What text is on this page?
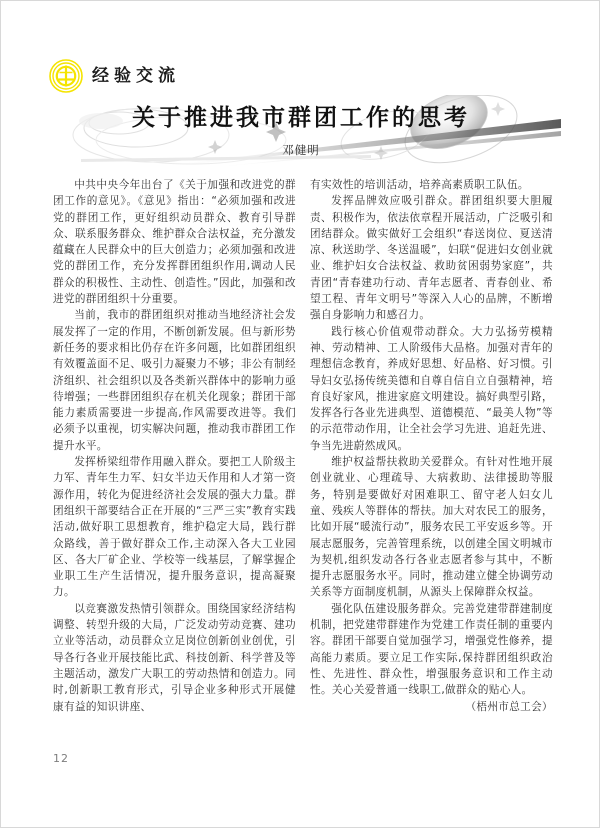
经验交流
关于推进我市群团工作的思考
邓健明

中共中央今年出台了《关于加强和改进党的群团工作的意见》。《意见》指出：“必须加强和改进党的群团工作，更好组织动员群众、教育引导群众、联系服务群众、维护群众合法权益，充分激发蕴藏在人民群众中的巨大创造力；必须加强和改进党的群团工作，充分发挥群团组织作用,调动人民群众的积极性、主动性、创造性。”因此，加强和改进党的群团组织十分重要。

当前，我市的群团组织对推动当地经济社会发展发挥了一定的作用，不断创新发展。但与新形势新任务的要求相比仍存在许多问题，比如群团组织有效覆盖面不足、吸引力凝聚力不够；非公有制经济组织、社会组织以及各类新兴群体中的影响力亟待增强；一些群团组织存在机关化现象；群团干部能力素质需要进一步提高,作风需要改进等。我们必须予以重视，切实解决问题，推动我市群团工作提升水平。

发挥桥梁纽带作用融入群众。要把工人阶级主力军、青年生力军、妇女半边天作用和人才第一资源作用，转化为促进经济社会发展的强大力量。群团组织干部要结合正在开展的“三严三实”教育实践活动,做好职工思想教育，维护稳定大局，践行群众路线，善于做好群众工作,主动深入各大工业园区、各大厂矿企业、学校等一线基层，了解掌握企业职工生产生活情况，提升服务意识，提高凝聚力。

以竞赛激发热情引领群众。围绕国家经济结构调整、转型升级的大局，广泛发动劳动竞赛、建功立业等活动，动员群众立足岗位创新创业创优，引导各行各业开展技能比武、科技创新、科学普及等主题活动，激发广大职工的劳动热情和创造力。同时,创新职工教育形式，引导企业多种形式开展健康有益的知识讲座、

有实效性的培训活动，培养高素质职工队伍。

发挥品牌效应吸引群众。群团组织要大胆履责、积极作为，依法依章程开展活动，广泛吸引和团结群众。做实做好工会组织“春送岗位、夏送清凉、秋送助学、冬送温暖”，妇联“促进妇女创业就业、维护妇女合法权益、救助贫困弱势家庭”，共青团“青春建功行动、青年志愿者、青春创业、希望工程、青年文明号”等深入人心的品牌，不断增强自身影响力和感召力。

践行核心价值观带动群众。大力弘扬劳模精神、劳动精神、工人阶级伟大品格。加强对青年的理想信念教育，养成好思想、好品格、好习惯。引导妇女弘扬传统美德和自尊自信自立自强精神，培育良好家风，推进家庭文明建设。搞好典型引路，发挥各行各业先进典型、道德模范、“最美人物”等的示范带动作用，让全社会学习先进、追赶先进、争当先进蔚然成风。

维护权益帮扶救助关爱群众。有针对性地开展创业就业、心理疏导、大病救助、法律援助等服务，特别是要做好对困难职工、留守老人妇女儿童、残疾人等群体的帮扶。加大对农民工的服务，比如开展“暖流行动”，服务农民工平安返乡等。开展志愿服务，完善管理系统，以创建全国文明城市为契机,组织发动各行各业志愿者参与其中，不断提升志愿服务水平。同时，推动建立健全协调劳动关系等方面制度机制，从源头上保障群众权益。

强化队伍建设服务群众。完善党建带群建制度机制，把党建带群建作为党建工作责任制的重要内容。群团干部要自觉加强学习，增强党性修养，提高能力素质。要立足工作实际,保持群团组织政治性、先进性、群众性，增强服务意识和工作主动性。关心关爱普通一线职工,做群众的贴心人。

（梧州市总工会）

12
